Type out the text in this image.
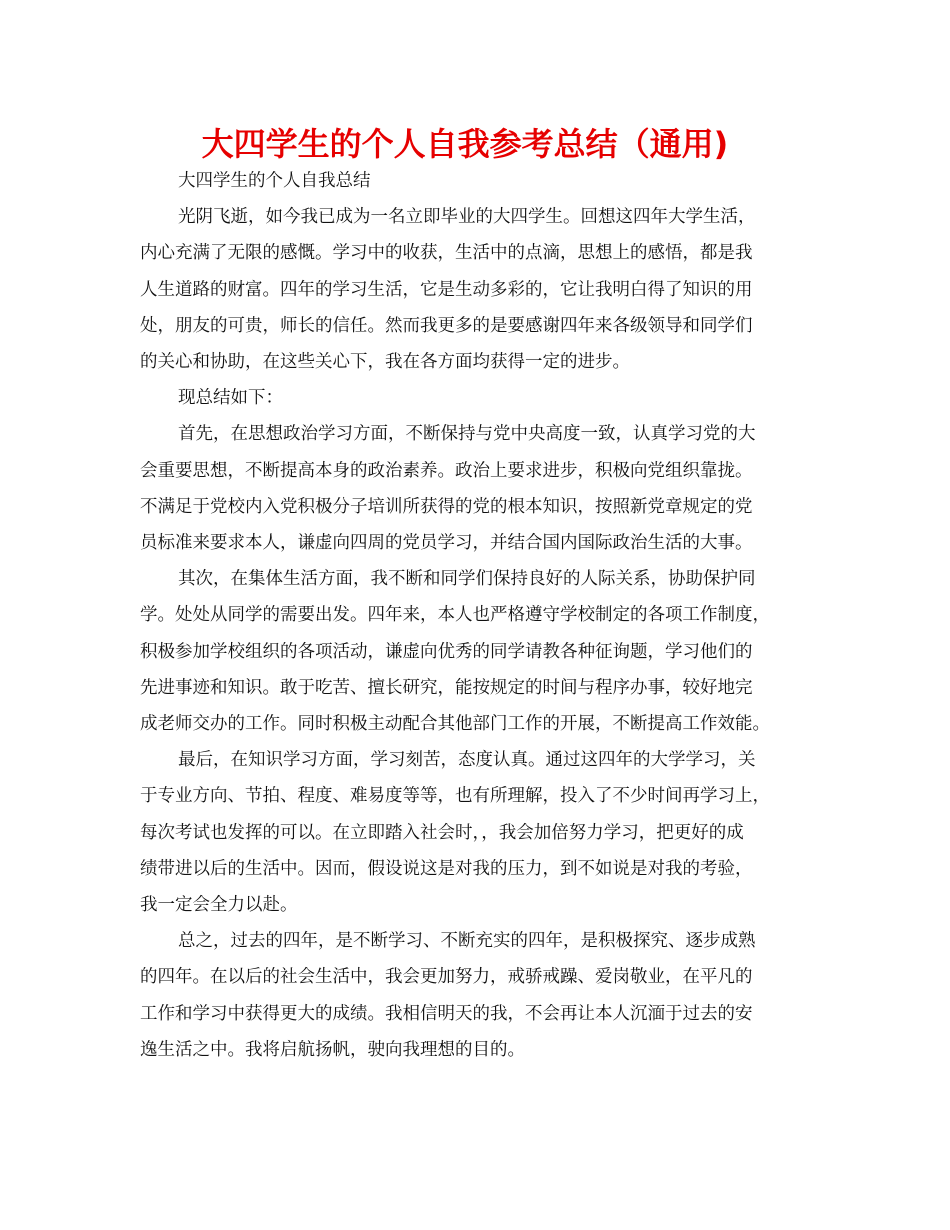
大四学生的个人自我参考总结（通用)
大四学生的个人自我总结
光阴飞逝，如今我已成为一名立即毕业的大四学生。回想这四年大学生活，
内心充满了无限的感慨。学习中的收获，生活中的点滴，思想上的感悟，都是我
人生道路的财富。四年的学习生活，它是生动多彩的，它让我明白得了知识的用
处，朋友的可贵，师长的信任。然而我更多的是要感谢四年来各级领导和同学们
的关心和协助，在这些关心下，我在各方面均获得一定的进步。
现总结如下：
首先，在思想政治学习方面，不断保持与党中央高度一致，认真学习党的大
会重要思想，不断提高本身的政治素养。政治上要求进步，积极向党组织靠拢。
不满足于党校内入党积极分子培训所获得的党的根本知识，按照新党章规定的党
员标准来要求本人，谦虚向四周的党员学习，并结合国内国际政治生活的大事。
其次，在集体生活方面，我不断和同学们保持良好的人际关系，协助保护同
学。处处从同学的需要出发。四年来，本人也严格遵守学校制定的各项工作制度，
积极参加学校组织的各项活动，谦虚向优秀的同学请教各种征询题，学习他们的
先进事迹和知识。敢于吃苦、擅长研究，能按规定的时间与程序办事，较好地完
成老师交办的工作。同时积极主动配合其他部门工作的开展，不断提高工作效能。
最后，在知识学习方面，学习刻苦，态度认真。通过这四年的大学学习，关
于专业方向、节拍、程度、难易度等等，也有所理解，投入了不少时间再学习上，
每次考试也发挥的可以。在立即踏入社会时，，我会加倍努力学习，把更好的成
绩带进以后的生活中。因而，假设说这是对我的压力，到不如说是对我的考验，
我一定会全力以赴。
总之，过去的四年，是不断学习、不断充实的四年，是积极探究、逐步成熟
的四年。在以后的社会生活中，我会更加努力，戒骄戒躁、爱岗敬业，在平凡的
工作和学习中获得更大的成绩。我相信明天的我，不会再让本人沉湎于过去的安
逸生活之中。我将启航扬帆，驶向我理想的目的。
